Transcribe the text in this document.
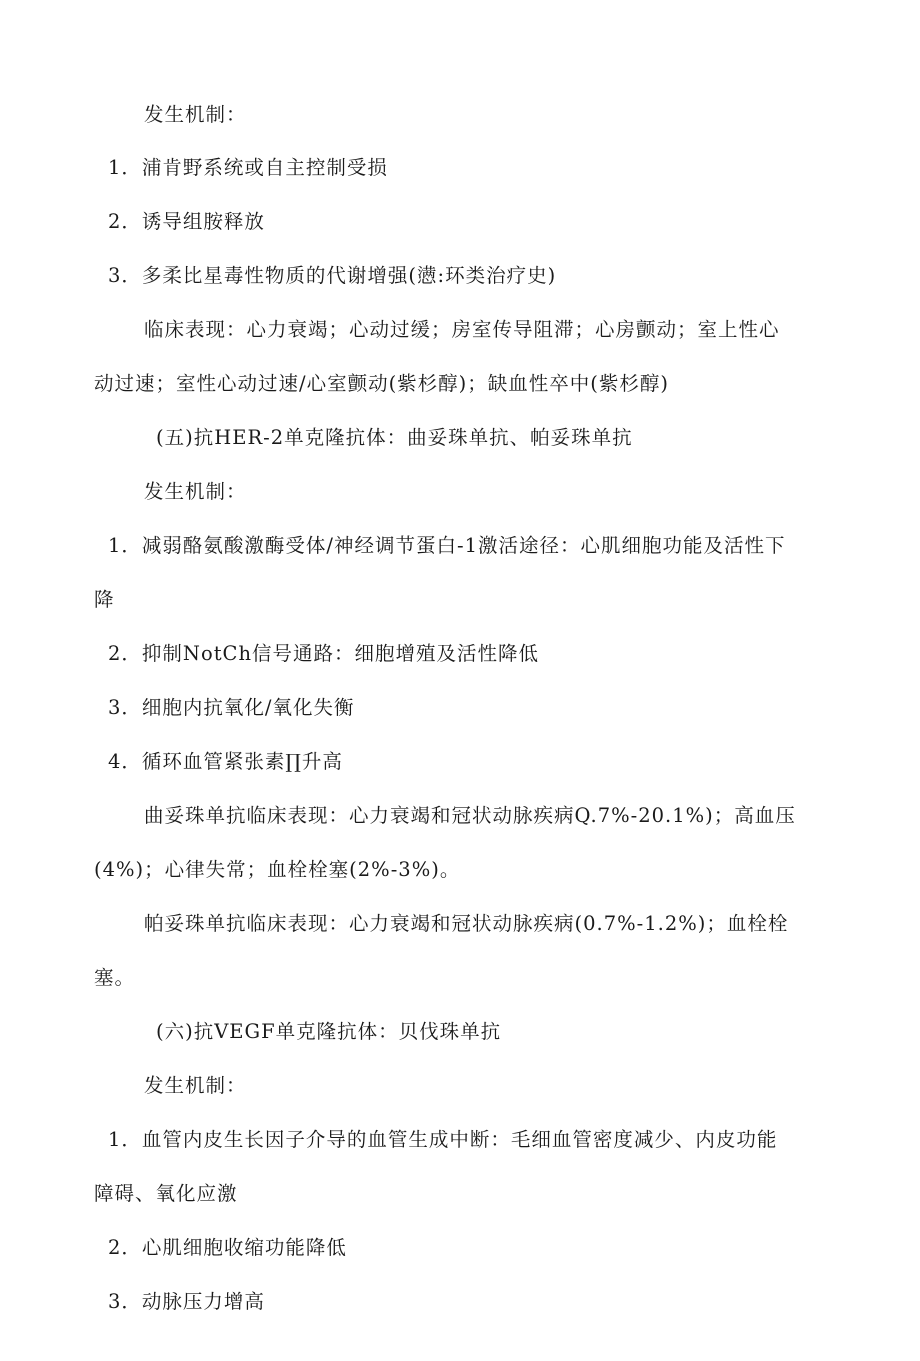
发生机制：
1．浦肯野系统或自主控制受损
2．诱导组胺释放
3．多柔比星毒性物质的代谢增强(懑:环类治疗史)
临床表现：心力衰竭；心动过缓；房室传导阻滞；心房颤动；室上性心
动过速；室性心动过速/心室颤动(紫杉醇)；缺血性卒中(紫杉醇)
(五)抗HER-2单克隆抗体：曲妥珠单抗、帕妥珠单抗
发生机制：
1．减弱酪氨酸激酶受体/神经调节蛋白-1激活途径：心肌细胞功能及活性下
降
2．抑制NotCh信号通路：细胞增殖及活性降低
3．细胞内抗氧化/氧化失衡
4．循环血管紧张素∏升高
曲妥珠单抗临床表现：心力衰竭和冠状动脉疾病Q.7%-20.1%)；高血压
(4%)；心律失常；血栓栓塞(2%-3%)。
帕妥珠单抗临床表现：心力衰竭和冠状动脉疾病(0.7%-1.2%)；血栓栓
塞。
(六)抗VEGF单克隆抗体：贝伐珠单抗
发生机制：
1．血管内皮生长因子介导的血管生成中断：毛细血管密度减少、内皮功能
障碍、氧化应激
2．心肌细胞收缩功能降低
3．动脉压力增高
